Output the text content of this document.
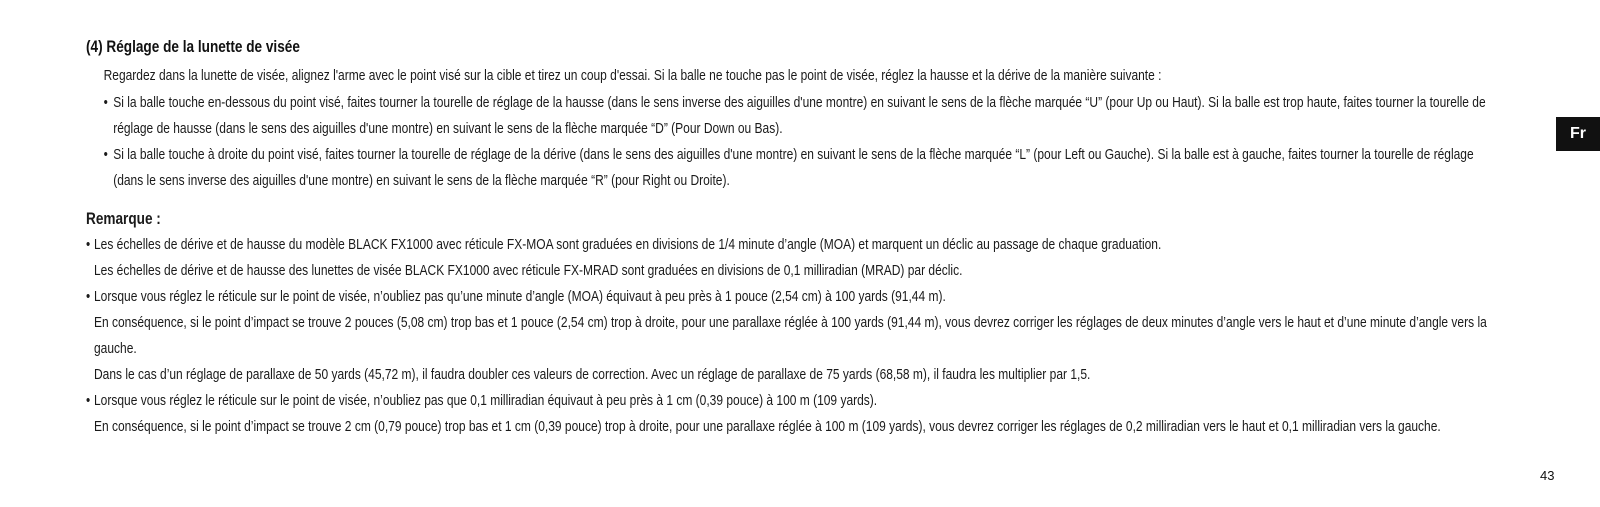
(4) Réglage de la lunette de visée

Regardez dans la lunette de visée, alignez l'arme avec le point visé sur la cible et tirez un coup d'essai. Si la balle ne touche pas le point de visée, réglez la hausse et la dérive de la manière suivante :

• Si la balle touche en-dessous du point visé, faites tourner la tourelle de réglage de la hausse (dans le sens inverse des aiguilles d'une montre) en suivant le sens de la flèche marquée “U” (pour Up ou Haut). Si la balle est trop haute, faites tourner la tourelle de réglage de hausse (dans le sens des aiguilles d'une montre) en suivant le sens de la flèche marquée “D” (Pour Down ou Bas).
• Si la balle touche à droite du point visé, faites tourner la tourelle de réglage de la dérive (dans le sens des aiguilles d'une montre) en suivant le sens de la flèche marquée “L” (pour Left ou Gauche). Si la balle est à gauche, faites tourner la tourelle de réglage (dans le sens inverse des aiguilles d'une montre) en suivant le sens de la flèche marquée “R” (pour Right ou Droite).
Remarque :
• Les échelles de dérive et de hausse du modèle BLACK FX1000 avec réticule FX-MOA sont graduées en divisions de 1/4 minute d’angle (MOA) et marquent un déclic au passage de chaque graduation.

Les échelles de dérive et de hausse des lunettes de visée BLACK FX1000 avec réticule FX-MRAD sont graduées en divisions de 0,1 milliradian (MRAD) par déclic.

• Lorsque vous réglez le réticule sur le point de visée, n’oubliez pas qu’une minute d’angle (MOA) équivaut à peu près à 1 pouce (2,54 cm) à 100 yards (91,44 m).

En conséquence, si le point d’impact se trouve 2 pouces (5,08 cm) trop bas et 1 pouce (2,54 cm) trop à droite, pour une parallaxe réglée à 100 yards (91,44 m), vous devrez corriger les réglages de deux minutes d’angle vers le haut et d’une minute d’angle vers la gauche.

Dans le cas d’un réglage de parallaxe de 50 yards (45,72 m), il faudra doubler ces valeurs de correction. Avec un réglage de parallaxe de 75 yards (68,58 m), il faudra les multiplier par 1,5.

• Lorsque vous réglez le réticule sur le point de visée, n’oubliez pas que 0,1 milliradian équivaut à peu près à 1 cm (0,39 pouce) à 100 m (109 yards).

En conséquence, si le point d’impact se trouve 2 cm (0,79 pouce) trop bas et 1 cm (0,39 pouce) trop à droite, pour une parallaxe réglée à 100 m (109 yards), vous devrez corriger les réglages de 0,2 milliradian vers le haut et 0,1 milliradian vers la gauche.

Fr
43
